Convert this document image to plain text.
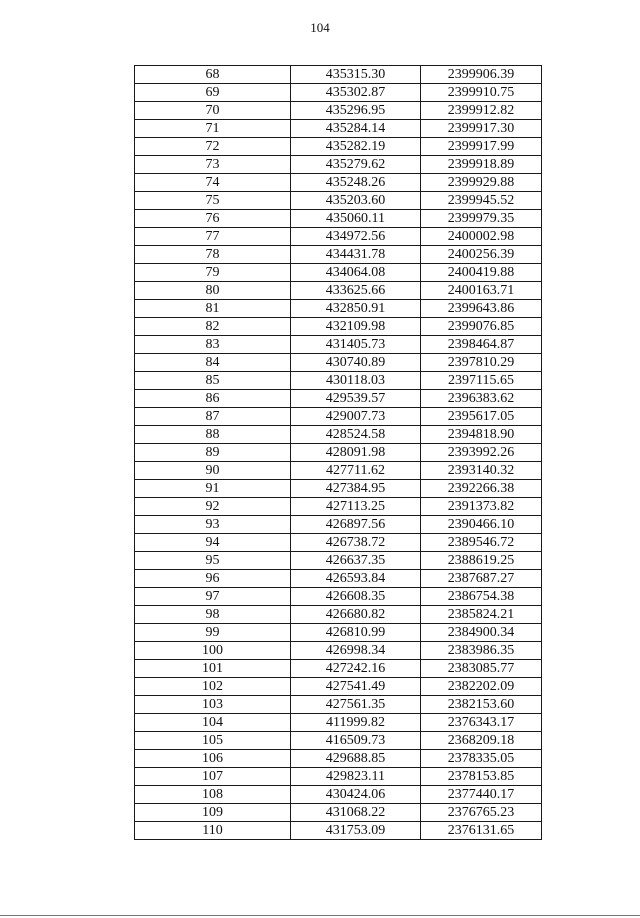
104
68	435315.30	2399906.39
69	435302.87	2399910.75
70	435296.95	2399912.82
71	435284.14	2399917.30
72	435282.19	2399917.99
73	435279.62	2399918.89
74	435248.26	2399929.88
75	435203.60	2399945.52
76	435060.11	2399979.35
77	434972.56	2400002.98
78	434431.78	2400256.39
79	434064.08	2400419.88
80	433625.66	2400163.71
81	432850.91	2399643.86
82	432109.98	2399076.85
83	431405.73	2398464.87
84	430740.89	2397810.29
85	430118.03	2397115.65
86	429539.57	2396383.62
87	429007.73	2395617.05
88	428524.58	2394818.90
89	428091.98	2393992.26
90	427711.62	2393140.32
91	427384.95	2392266.38
92	427113.25	2391373.82
93	426897.56	2390466.10
94	426738.72	2389546.72
95	426637.35	2388619.25
96	426593.84	2387687.27
97	426608.35	2386754.38
98	426680.82	2385824.21
99	426810.99	2384900.34
100	426998.34	2383986.35
101	427242.16	2383085.77
102	427541.49	2382202.09
103	427561.35	2382153.60
104	411999.82	2376343.17
105	416509.73	2368209.18
106	429688.85	2378335.05
107	429823.11	2378153.85
108	430424.06	2377440.17
109	431068.22	2376765.23
110	431753.09	2376131.65
